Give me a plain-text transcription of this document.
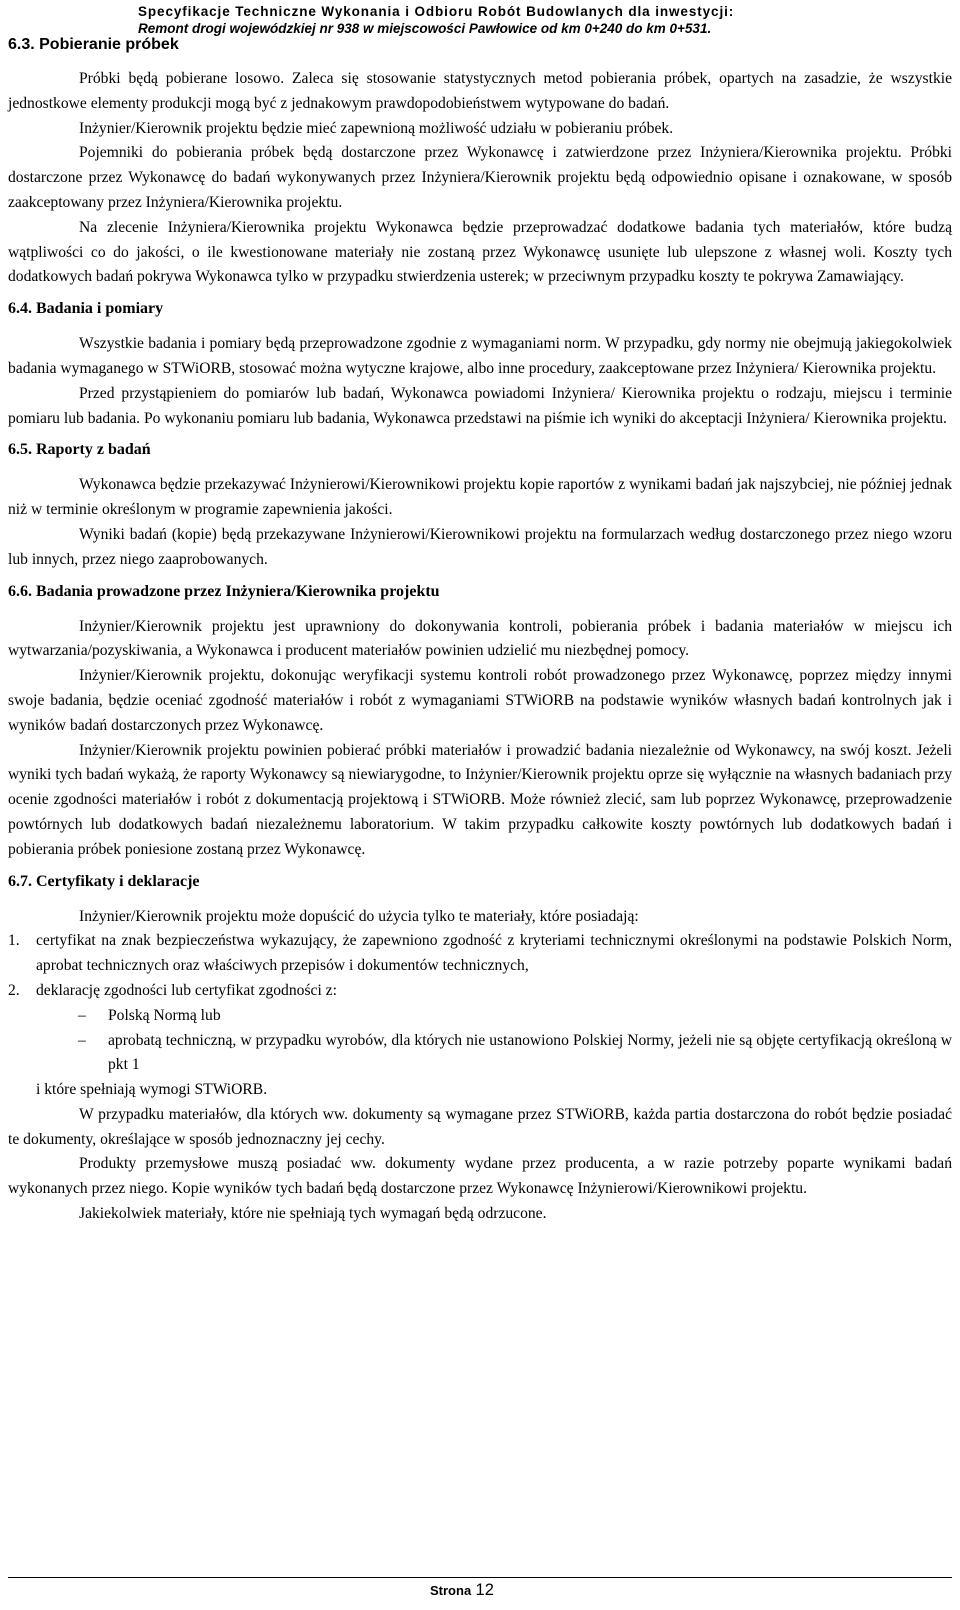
Specyfikacje Techniczne Wykonania i Odbioru Robót Budowlanych dla inwestycji:
Remont drogi wojewódzkiej nr 938 w miejscowości Pawłowice od km 0+240 do km 0+531.
6.3. Pobieranie próbek

Próbki będą pobierane losowo. Zaleca się stosowanie statystycznych metod pobierania próbek, opartych na zasadzie, że wszystkie jednostkowe elementy produkcji mogą być z jednakowym prawdopodobieństwem wytypowane do badań.

Inżynier/Kierownik projektu będzie mieć zapewnioną możliwość udziału w pobieraniu próbek.

Pojemniki do pobierania próbek będą dostarczone przez Wykonawcę i zatwierdzone przez Inżyniera/Kierownika projektu. Próbki dostarczone przez Wykonawcę do badań wykonywanych przez Inżyniera/Kierownik projektu będą odpowiednio opisane i oznakowane, w sposób zaakceptowany przez Inżyniera/Kierownika projektu.

Na zlecenie Inżyniera/Kierownika projektu Wykonawca będzie przeprowadzać dodatkowe badania tych materiałów, które budzą wątpliwości co do jakości, o ile kwestionowane materiały nie zostaną przez Wykonawcę usunięte lub ulepszone z własnej woli. Koszty tych dodatkowych badań pokrywa Wykonawca tylko w przypadku stwierdzenia usterek; w przeciwnym przypadku koszty te pokrywa Zamawiający.

6.4. Badania i pomiary

Wszystkie badania i pomiary będą przeprowadzone zgodnie z wymaganiami norm. W przypadku, gdy normy nie obejmują jakiegokolwiek badania wymaganego w STWiORB, stosować można wytyczne krajowe, albo inne procedury, zaakceptowane przez Inżyniera/ Kierownika projektu.

Przed przystąpieniem do pomiarów lub badań, Wykonawca powiadomi Inżyniera/ Kierownika projektu o rodzaju, miejscu i terminie pomiaru lub badania. Po wykonaniu pomiaru lub badania, Wykonawca przedstawi na piśmie ich wyniki do akceptacji Inżyniera/ Kierownika projektu.

6.5. Raporty z badań

Wykonawca będzie przekazywać Inżynierowi/Kierownikowi projektu kopie raportów z wynikami badań jak najszybciej, nie później jednak niż w terminie określonym w programie zapewnienia jakości.

Wyniki badań (kopie) będą przekazywane Inżynierowi/Kierownikowi projektu na formularzach według dostarczonego przez niego wzoru lub innych, przez niego zaaprobowanych.

6.6. Badania prowadzone przez Inżyniera/Kierownika projektu

Inżynier/Kierownik projektu jest uprawniony do dokonywania kontroli, pobierania próbek i badania materiałów w miejscu ich wytwarzania/pozyskiwania, a Wykonawca i producent materiałów powinien udzielić mu niezbędnej pomocy.

Inżynier/Kierownik projektu, dokonując weryfikacji systemu kontroli robót prowadzonego przez Wykonawcę, poprzez między innymi swoje badania, będzie oceniać zgodność materiałów i robót z wymaganiami STWiORB na podstawie wyników własnych badań kontrolnych jak i wyników badań dostarczonych przez Wykonawcę.

Inżynier/Kierownik projektu powinien pobierać próbki materiałów i prowadzić badania niezależnie od Wykonawcy, na swój koszt. Jeżeli wyniki tych badań wykażą, że raporty Wykonawcy są niewiarygodne, to Inżynier/Kierownik projektu oprze się wyłącznie na własnych badaniach przy ocenie zgodności materiałów i robót z dokumentacją projektową i STWiORB. Może również zlecić, sam lub poprzez Wykonawcę, przeprowadzenie powtórnych lub dodatkowych badań niezależnemu laboratorium. W takim przypadku całkowite koszty powtórnych lub dodatkowych badań i pobierania próbek poniesione zostaną przez Wykonawcę.

6.7. Certyfikaty i deklaracje

Inżynier/Kierownik projektu może dopuścić do użycia tylko te materiały, które posiadają:

1. certyfikat na znak bezpieczeństwa wykazujący, że zapewniono zgodność z kryteriami technicznymi określonymi na podstawie Polskich Norm, aprobat technicznych oraz właściwych przepisów i dokumentów technicznych,
2. deklarację zgodności lub certyfikat zgodności z:
– Polską Normą lub
– aprobatą techniczną, w przypadku wyrobów, dla których nie ustanowiono Polskiej Normy, jeżeli nie są objęte certyfikacją określoną w pkt 1
i które spełniają wymogi STWiORB.

W przypadku materiałów, dla których ww. dokumenty są wymagane przez STWiORB, każda partia dostarczona do robót będzie posiadać te dokumenty, określające w sposób jednoznaczny jej cechy.

Produkty przemysłowe muszą posiadać ww. dokumenty wydane przez producenta, a w razie potrzeby poparte wynikami badań wykonanych przez niego. Kopie wyników tych badań będą dostarczone przez Wykonawcę Inżynierowi/Kierownikowi projektu.

Jakiekolwiek materiały, które nie spełniają tych wymagań będą odrzucone.

Strona 12
